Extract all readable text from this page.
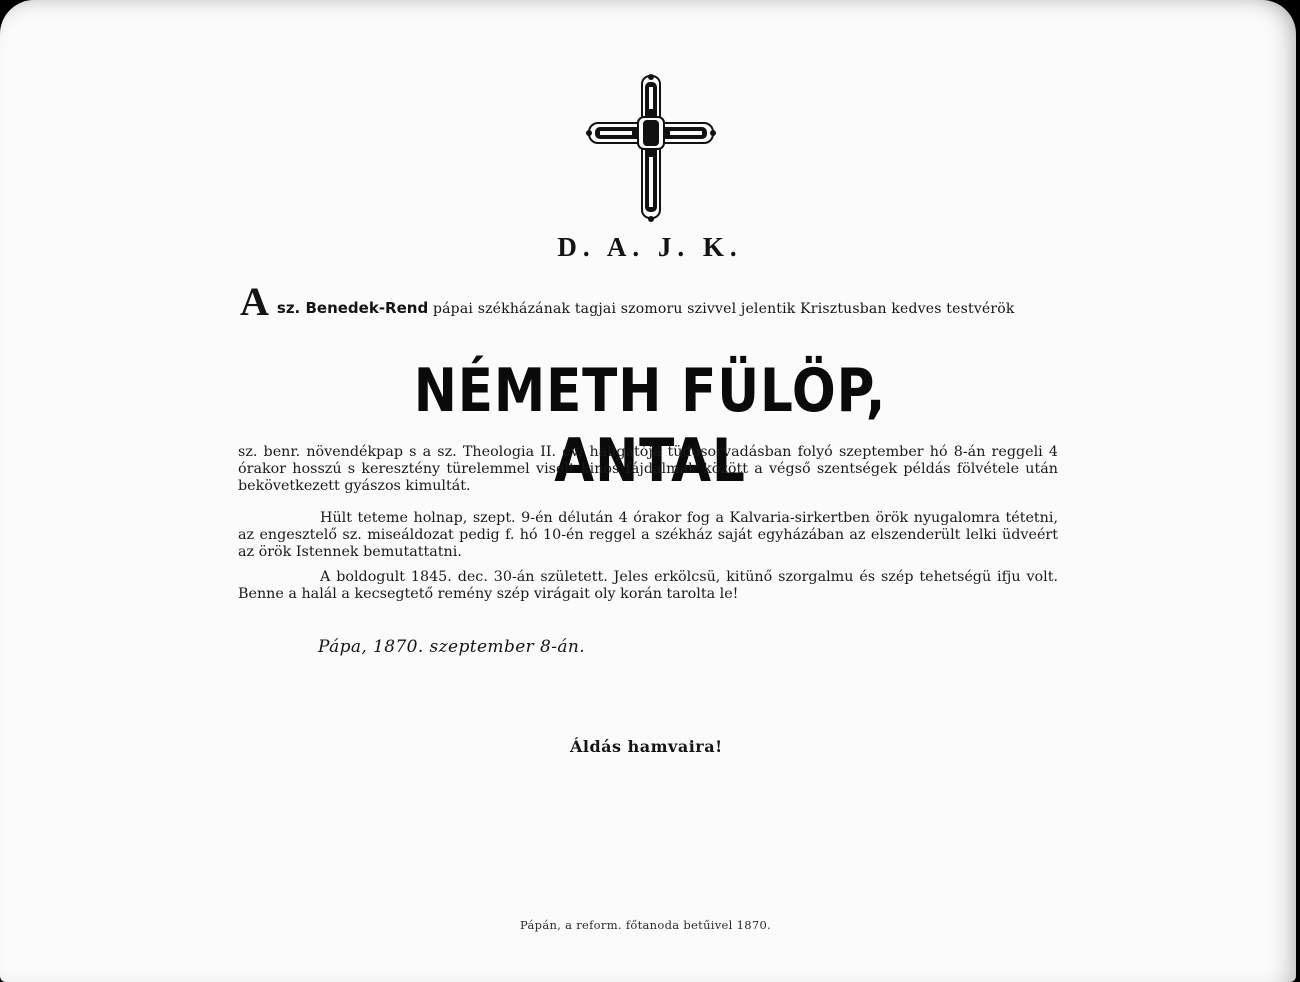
D. A. J. K.
Asz. Benedek-Rend pápai székházának tagjai szomoru szivvel jelentik Krisztusban kedves testvérök
NÉMETH FÜLÖP, ANTAL
sz. benr. növendékpap s a sz. Theologia II. évi hallgatója tüdősorvadásban folyó szeptember hó 8-án reggeli 4 órakor hosszú s keresztény türelemmel viselt kinos fájdalmak között a végső szentségek példás fölvétele után bekövetkezett gyászos kimultát.
Hült teteme holnap, szept. 9-én délután 4 órakor fog a Kalvaria-sirkertben örök nyugalomra tétetni, az engesztelő sz. miseáldozat pedig f. hó 10-én reggel a székház saját egyházában az elszenderült lelki üdveért az örök Istennek bemutattatni.
A boldogult 1845. dec. 30-án született. Jeles erkölcsü, kitünő szorgalmu és szép tehetségü ifju volt. Benne a halál a kecsegtető remény szép virágait oly korán tarolta le!
Pápa, 1870. szeptember 8-án.
Áldás hamvaira!
Pápán, a reform. főtanoda betűivel 1870.
